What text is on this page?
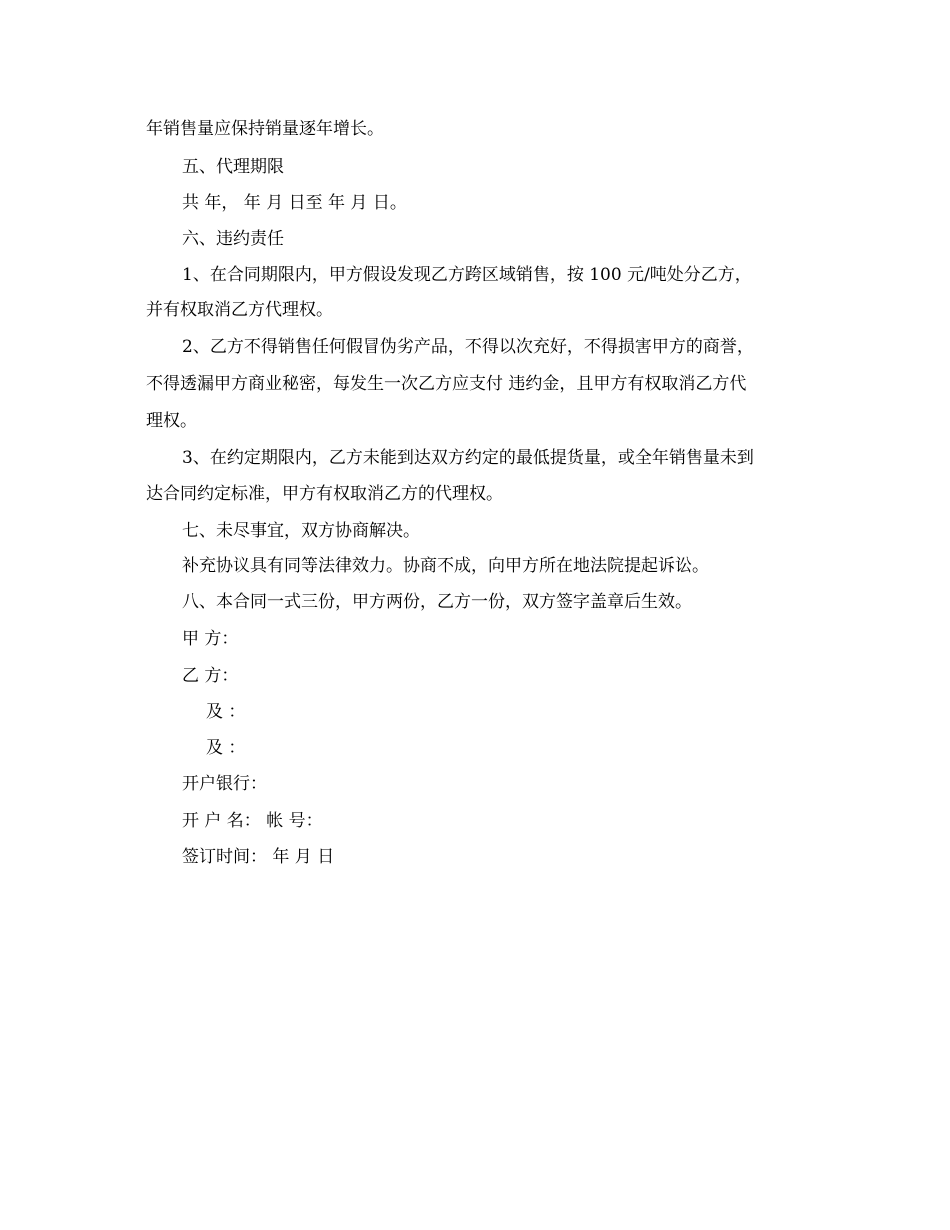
年销售量应保持销量逐年增长。

五、代理期限

共 年， 年 月 日至 年 月 日。

六、违约责任

1、在合同期限内，甲方假设发现乙方跨区域销售，按 100 元/吨处分乙方，

并有权取消乙方代理权。

2、乙方不得销售任何假冒伪劣产品，不得以次充好，不得损害甲方的商誉，

不得透漏甲方商业秘密，每发生一次乙方应支付 违约金，且甲方有权取消乙方代

理权。

3、在约定期限内，乙方未能到达双方约定的最低提货量，或全年销售量未到

达合同约定标准，甲方有权取消乙方的代理权。

七、未尽事宜，双方协商解决。

补充协议具有同等法律效力。协商不成，向甲方所在地法院提起诉讼。

八、本合同一式三份，甲方两份，乙方一份，双方签字盖章后生效。

甲 方：

乙 方：

及 ：

及 ：

开户银行：

开 户 名： 帐 号：

签订时间： 年 月 日
